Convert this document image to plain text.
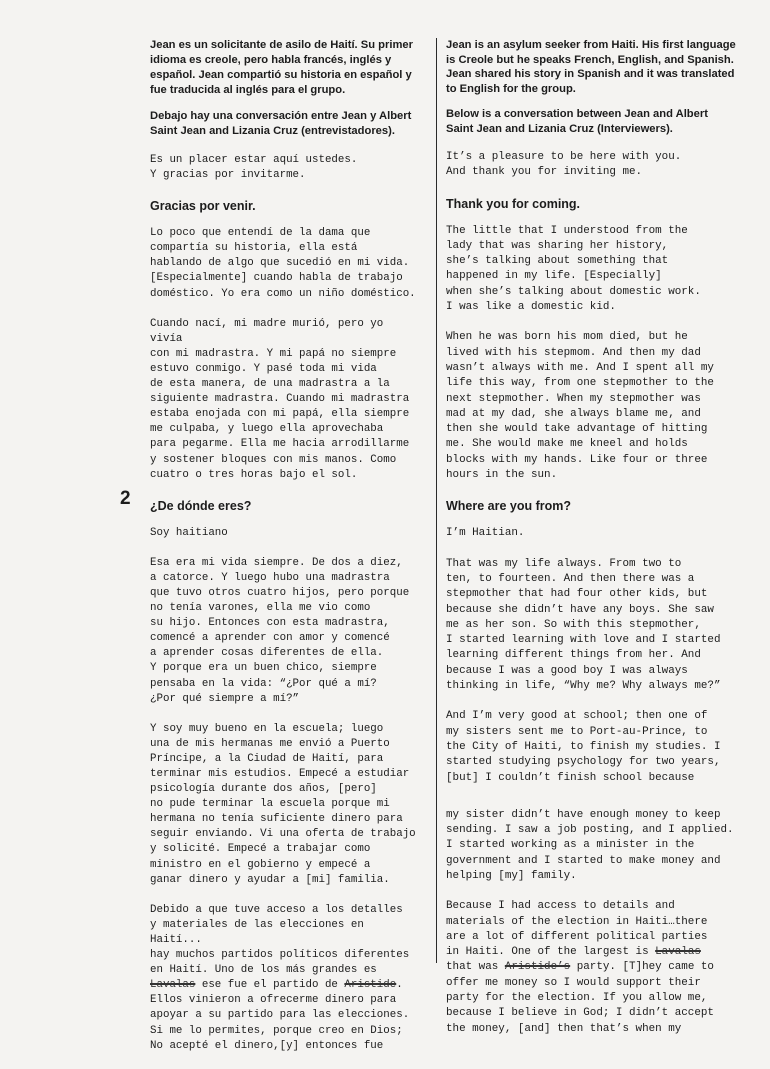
2

Jean es un solicitante de asilo de Haití. Su primer idioma es creole, pero habla francés, inglés y español. Jean compartió su historia en español y fue traducida al inglés para el grupo.

Debajo hay una conversación entre Jean y Albert Saint Jean and Lizania Cruz (entrevistadores).

Es un placer estar aquí ustedes.
Y gracias por invitarme.

Gracias por venir.

Lo poco que entendí de la dama que
compartía su historia, ella está
hablando de algo que sucedió en mi vida.
[Especialmente] cuando habla de trabajo
doméstico. Yo era como un niño doméstico.

Cuando nací, mi madre murió, pero yo vivía
con mi madrastra. Y mi papá no siempre
estuvo conmigo. Y pasé toda mi vida
de esta manera, de una madrastra a la
siguiente madrastra. Cuando mi madrastra
estaba enojada con mi papá, ella siempre
me culpaba, y luego ella aprovechaba
para pegarme. Ella me hacia arrodillarme
y sostener bloques con mis manos. Como
cuatro o tres horas bajo el sol.

¿De dónde eres?

Soy haitiano

Esa era mi vida siempre. De dos a diez,
a catorce. Y luego hubo una madrastra
que tuvo otros cuatro hijos, pero porque
no tenía varones, ella me vio como
su hijo. Entonces con esta madrastra,
comencé a aprender con amor y comencé
a aprender cosas diferentes de ella.
Y porque era un buen chico, siempre
pensaba en la vida: “¿Por qué a mí?
¿Por qué siempre a mí?”

Y soy muy bueno en la escuela; luego
una de mis hermanas me envió a Puerto
Príncipe, a la Ciudad de Haití, para
terminar mis estudios. Empecé a estudiar
psicología durante dos años, [pero]
no pude terminar la escuela porque mi
hermana no tenía suficiente dinero para
seguir enviando. Vi una oferta de trabajo
y solicité. Empecé a trabajar como
ministro en el gobierno y empecé a
ganar dinero y ayudar a [mi] familia.

Debido a que tuve acceso a los detalles
y materiales de las elecciones en Haití...
hay muchos partidos políticos diferentes
en Haití. Uno de los más grandes es
Lavalas ese fue el partido de Aristide.
Ellos vinieron a ofrecerme dinero para
apoyar a su partido para las elecciones.
Si me lo permites, porque creo en Dios;
No acepté el dinero,[y] entonces fue

Jean is an asylum seeker from Haiti. His first language is Creole but he speaks French, English, and Spanish. Jean shared his story in Spanish and it was translated to English for the group.

Below is a conversation between Jean and Albert Saint Jean and Lizania Cruz (Interviewers).

It’s a pleasure to be here with you.
And thank you for inviting me.

Thank you for coming.

The little that I understood from the
lady that was sharing her history,
she’s talking about something that
happened in my life. [Especially]
when she’s talking about domestic work.
I was like a domestic kid.

When he was born his mom died, but he
lived with his stepmom. And then my dad
wasn’t always with me. And I spent all my
life this way, from one stepmother to the
next stepmother. When my stepmother was
mad at my dad, she always blame me, and
then she would take advantage of hitting
me. She would make me kneel and holds
blocks with my hands. Like four or three
hours in the sun.

Where are you from?

I’m Haitian.

That was my life always. From two to
ten, to fourteen. And then there was a
stepmother that had four other kids, but
because she didn’t have any boys. She saw
me as her son. So with this stepmother,
I started learning with love and I started
learning different things from her. And
because I was a good boy I was always
thinking in life, “Why me? Why always me?”

And I’m very good at school; then one of
my sisters sent me to Port-au-Prince, to
the City of Haiti, to finish my studies. I
started studying psychology for two years,
[but] I couldn’t finish school because

my sister didn’t have enough money to keep
sending. I saw a job posting, and I applied.
I started working as a minister in the
government and I started to make money and
helping [my] family.

Because I had access to details and
materials of the election in Haiti…there
are a lot of different political parties
in Haiti. One of the largest is Lavalas
that was Aristide’s party. [T]hey came to
offer me money so I would support their
party for the election. If you allow me,
because I believe in God; I didn’t accept
the money, [and] then that’s when my
